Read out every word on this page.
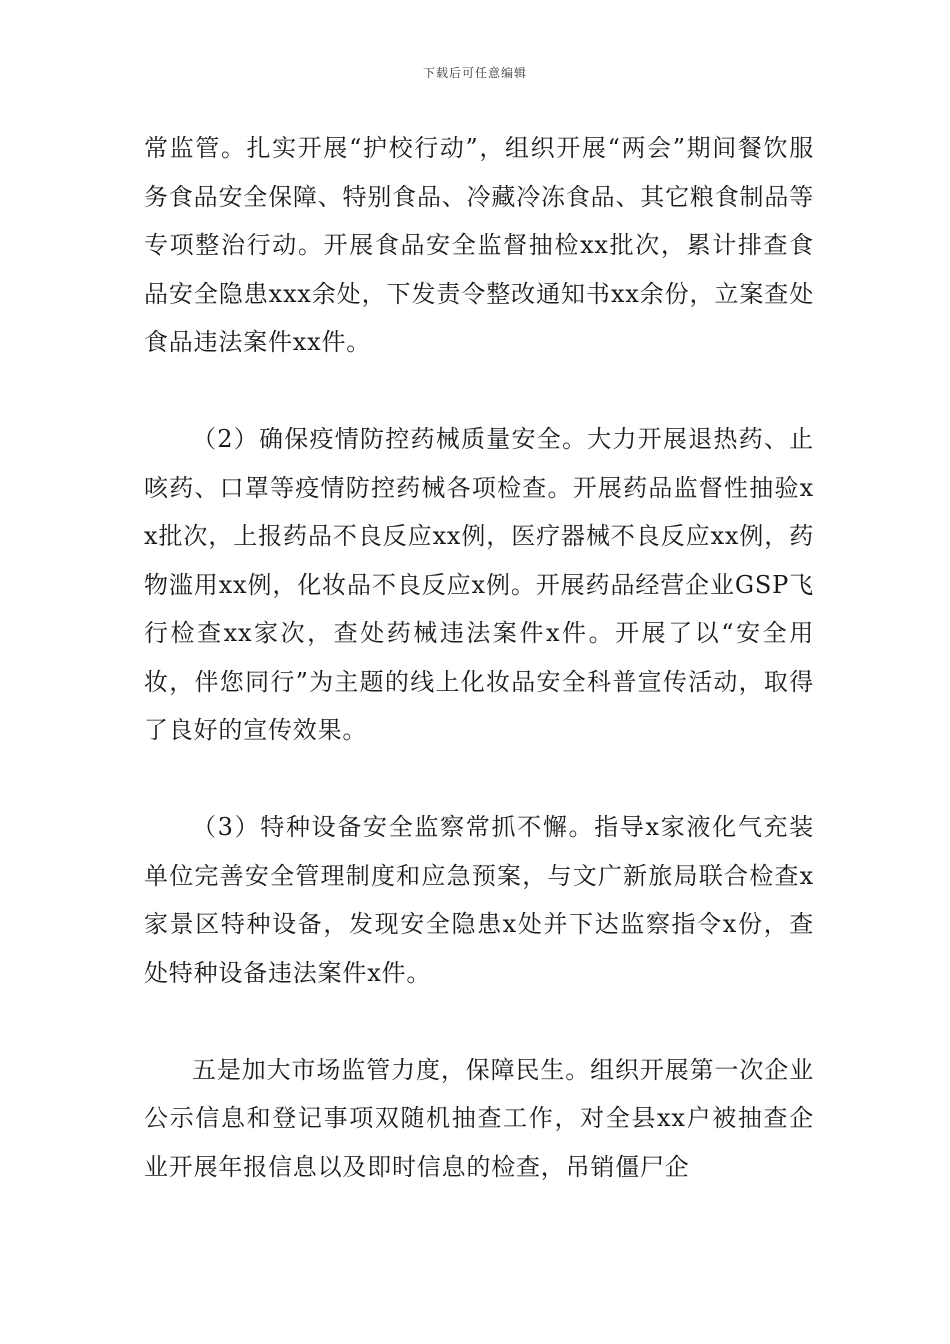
下载后可任意编辑

常监管。扎实开展“护校行动”，组织开展“两会”期间餐饮服务食品安全保障、特别食品、冷藏冷冻食品、其它粮食制品等专项整治行动。开展食品安全监督抽检xx批次，累计排查食品安全隐患xxx余处，下发责令整改通知书xx余份，立案查处食品违法案件xx件。

（2）确保疫情防控药械质量安全。大力开展退热药、止咳药、口罩等疫情防控药械各项检查。开展药品监督性抽验xx批次，上报药品不良反应xx例，医疗器械不良反应xx例，药物滥用xx例，化妆品不良反应x例。开展药品经营企业GSP飞行检查xx家次，查处药械违法案件x件。开展了以“安全用妆，伴您同行”为主题的线上化妆品安全科普宣传活动，取得了良好的宣传效果。

（3）特种设备安全监察常抓不懈。指导x家液化气充装单位完善安全管理制度和应急预案，与文广新旅局联合检查x家景区特种设备，发现安全隐患x处并下达监察指令x份，查处特种设备违法案件x件。

五是加大市场监管力度，保障民生。组织开展第一次企业公示信息和登记事项双随机抽查工作，对全县xx户被抽查企业开展年报信息以及即时信息的检查，吊销僵尸企
